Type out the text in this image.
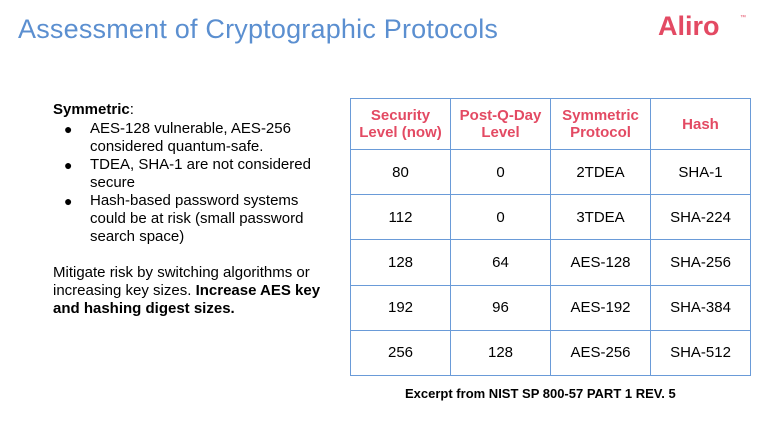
Assessment of Cryptographic Protocols	Aliro	™
Symmetric:
● AES-128 vulnerable, AES-256 considered quantum-safe.
● TDEA, SHA-1 are not considered secure
● Hash-based password systems could be at risk (small password search space)
Mitigate risk by switching algorithms or increasing key sizes. Increase AES key and hashing digest sizes.
Security Level (now)	Post-Q-Day Level	Symmetric Protocol	Hash
80	0	2TDEA	SHA-1
112	0	3TDEA	SHA-224
128	64	AES-128	SHA-256
192	96	AES-192	SHA-384
256	128	AES-256	SHA-512
Excerpt from NIST SP 800-57 PART 1 REV. 5
